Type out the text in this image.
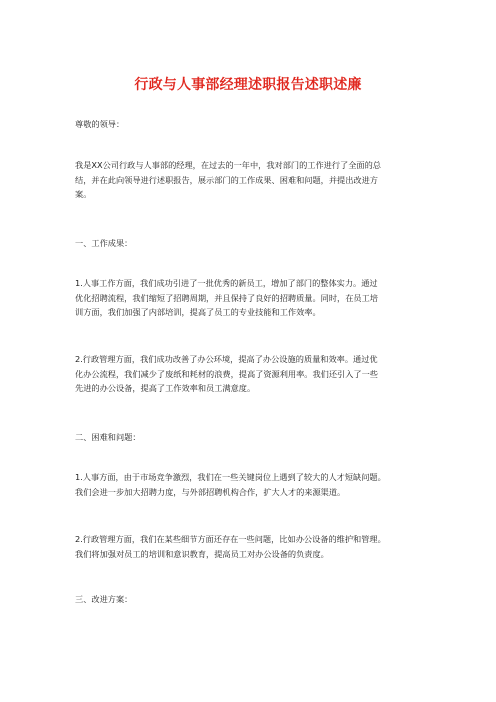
行政与人事部经理述职报告述职述廉
尊敬的领导：
我是XX公司行政与人事部的经理，在过去的一年中，我对部门的工作进行了全面的总
结，并在此向领导进行述职报告，展示部门的工作成果、困难和问题，并提出改进方
案。
一、工作成果：
1.人事工作方面，我们成功引进了一批优秀的新员工，增加了部门的整体实力。通过
优化招聘流程，我们缩短了招聘周期，并且保持了良好的招聘质量。同时，在员工培
训方面，我们加强了内部培训，提高了员工的专业技能和工作效率。
2.行政管理方面，我们成功改善了办公环境，提高了办公设施的质量和效率。通过优
化办公流程，我们减少了废纸和耗材的浪费，提高了资源利用率。我们还引入了一些
先进的办公设备，提高了工作效率和员工满意度。
二、困难和问题：
1.人事方面，由于市场竞争激烈，我们在一些关键岗位上遇到了较大的人才短缺问题。
我们会进一步加大招聘力度，与外部招聘机构合作，扩大人才的来源渠道。
2.行政管理方面，我们在某些细节方面还存在一些问题，比如办公设备的维护和管理。
我们将加强对员工的培训和意识教育，提高员工对办公设备的负责度。
三、改进方案：
